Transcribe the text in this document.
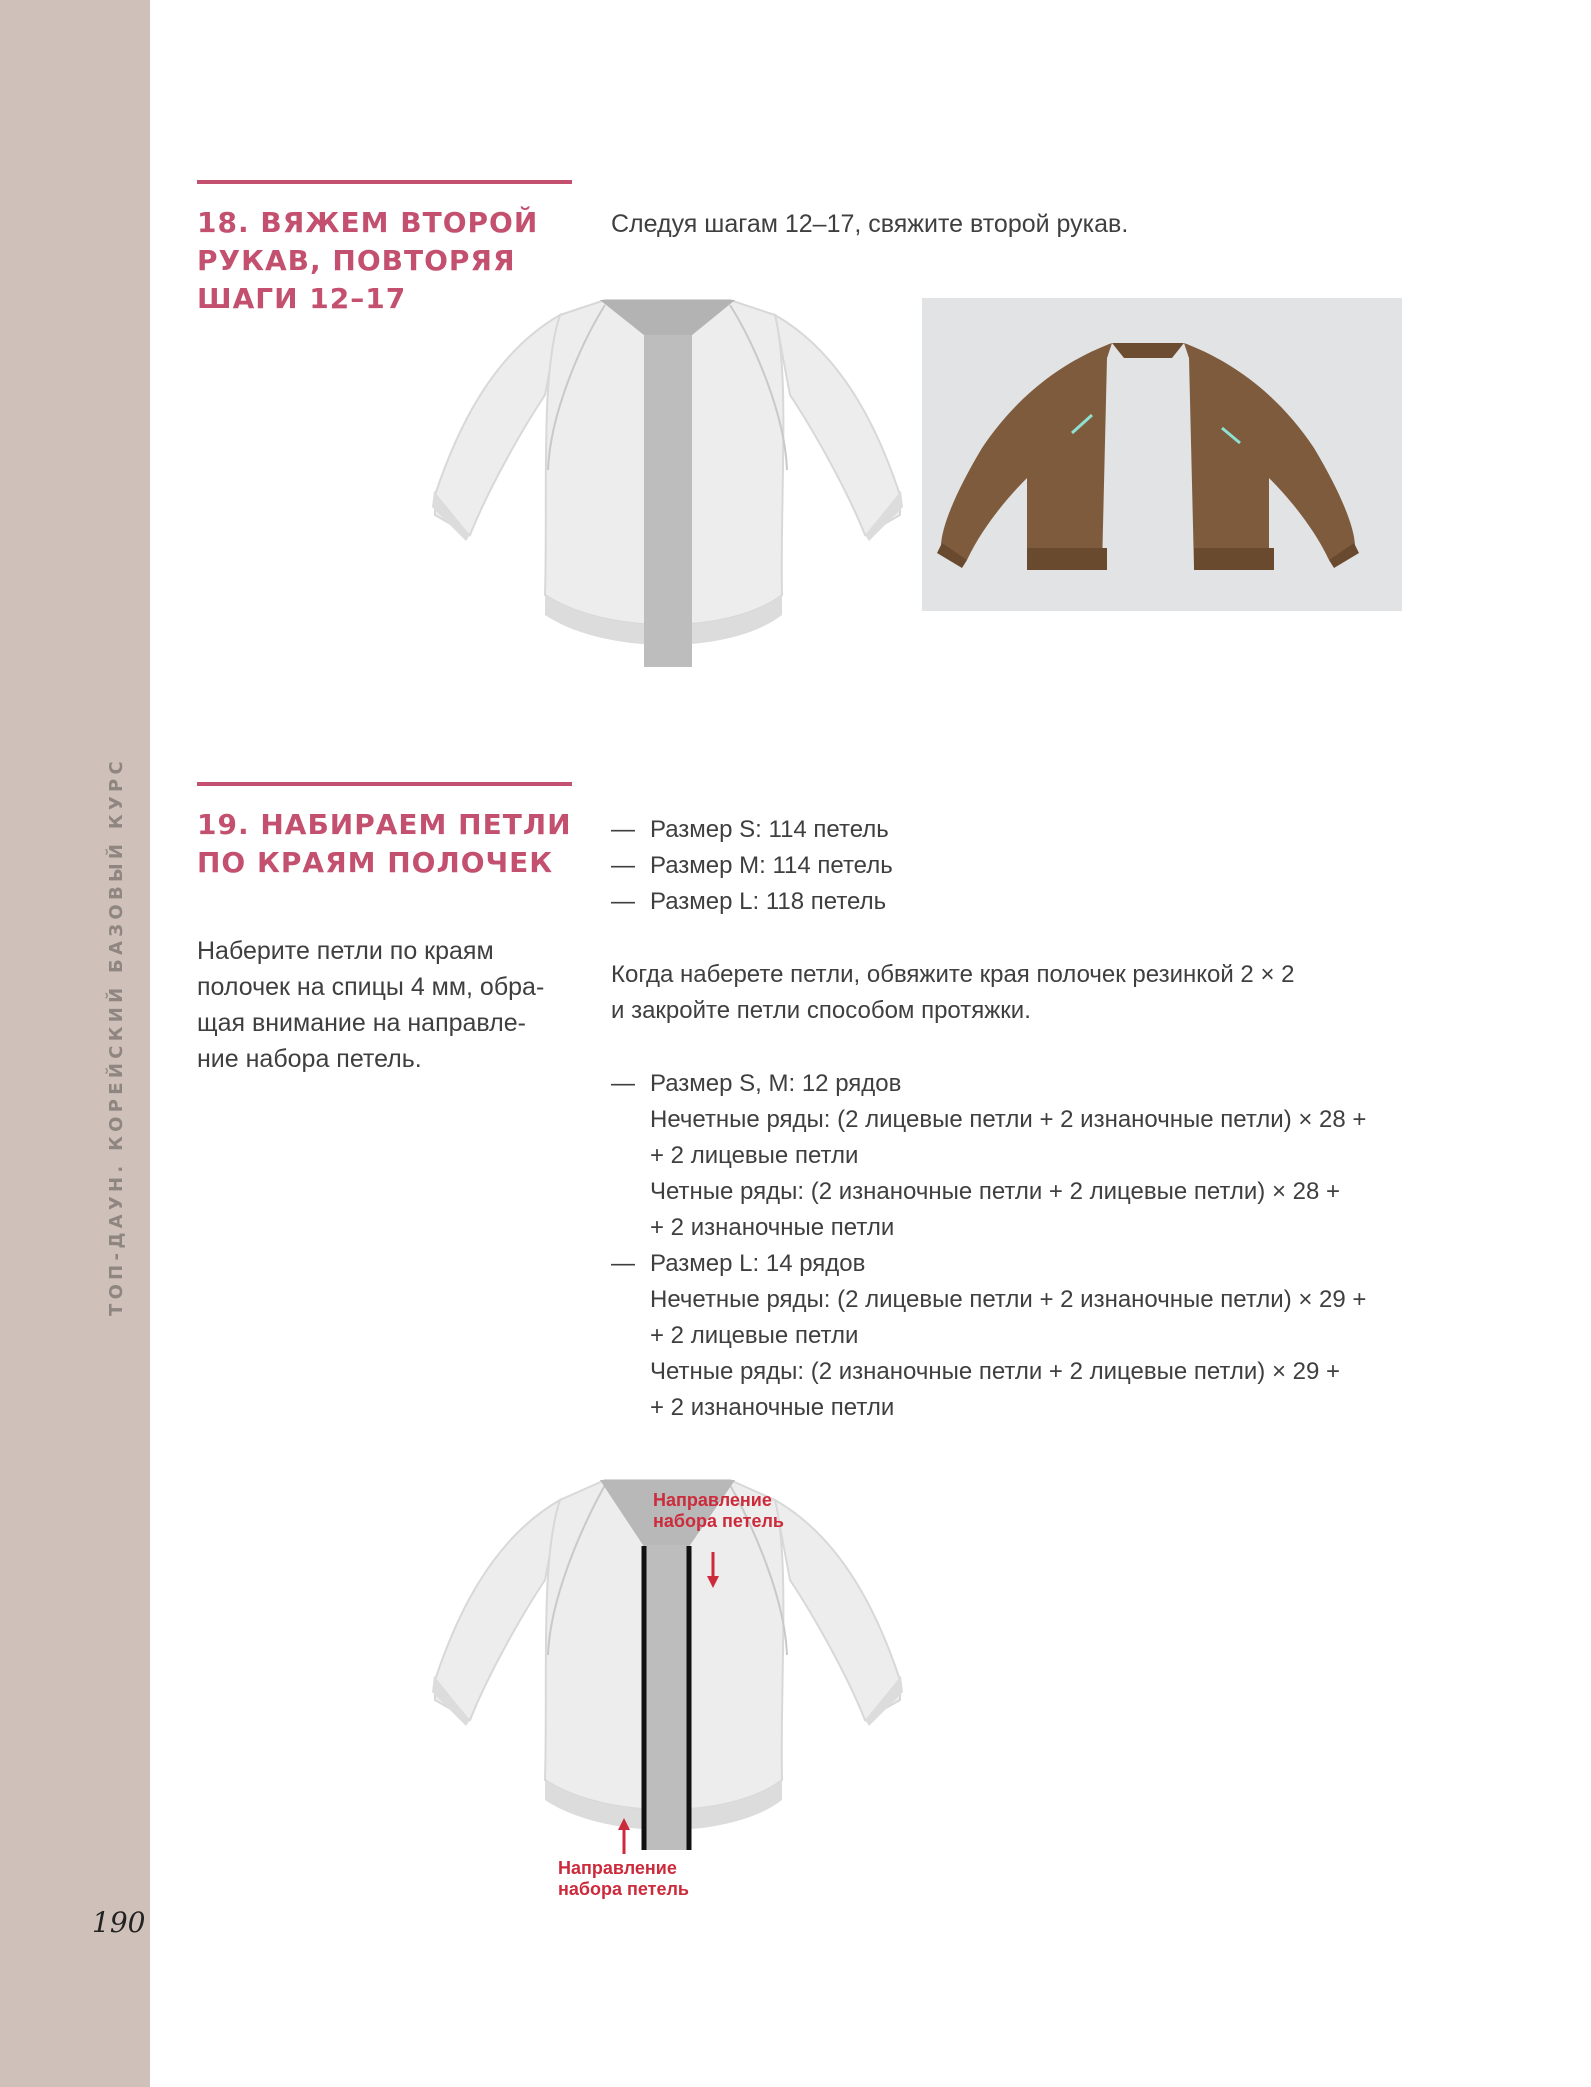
ТОП-ДАУН. КОРЕЙСКИЙ БАЗОВЫЙ КУРС
190
18. ВЯЖЕМ ВТОРОЙ
РУКАВ, ПОВТОРЯЯ
ШАГИ 12–17
Следуя шагам 12–17, свяжите второй рукав.
19. НАБИРАЕМ ПЕТЛИ
ПО КРАЯМ ПОЛОЧЕК

Наберите петли по краям

полочек на спицы 4 мм, обра-

щая внимание на направле-

ние набора петель.

— Размер S: 114 петель
— Размер M: 114 петель
— Размер L: 118 петель
Когда наберете петли, обвяжите края полочек резинкой 2 × 2
и закройте петли способом протяжки.
— Размер S, M: 12 рядов
Нечетные ряды: (2 лицевые петли + 2 изнаночные петли) × 28 +
+ 2 лицевые петли
Четные ряды: (2 изнаночные петли + 2 лицевые петли) × 28 +
+ 2 изнаночные петли
— Размер L: 14 рядов
Нечетные ряды: (2 лицевые петли + 2 изнаночные петли) × 29 +
+ 2 лицевые петли
Четные ряды: (2 изнаночные петли + 2 лицевые петли) × 29 +
+ 2 изнаночные петли
Направление набора петель
Направление набора петель
